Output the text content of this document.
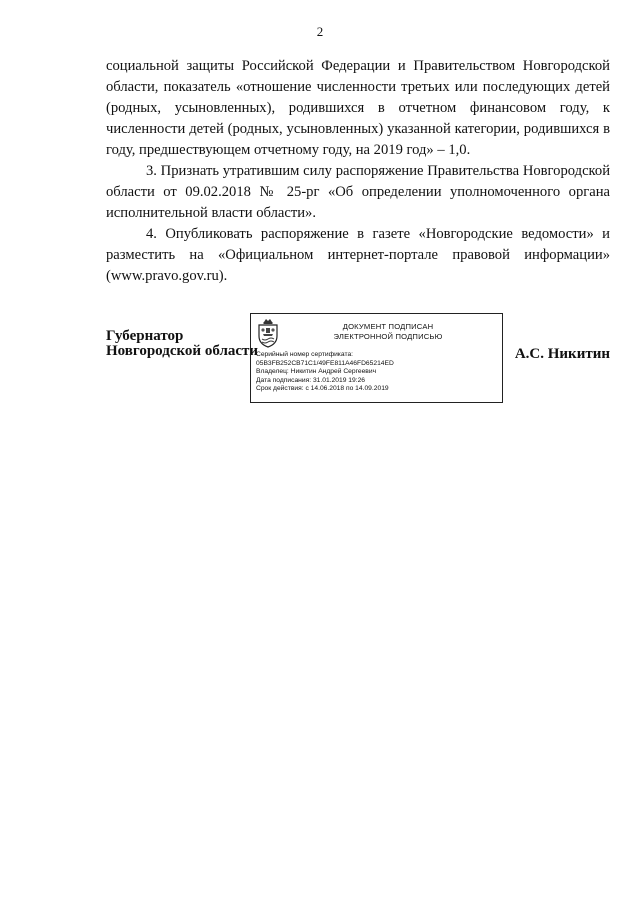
2

социальной защиты Российской Федерации и Правительством Новгородской области, показатель «отношение численности третьих или последующих детей (родных, усыновленных), родившихся в отчетном финансовом году, к численности детей (родных, усыновленных) указанной категории, родившихся в году, предшествующем отчетному году, на 2019 год» – 1,0.

3. Признать утратившим силу распоряжение Правительства Новгородской области от 09.02.2018 № 25-рг «Об определении уполномоченного органа исполнительной власти области».

4. Опубликовать распоряжение в газете «Новгородские ведомости» и разместить на «Официальном интернет-портале правовой информации» (www.pravo.gov.ru).

Губернатор
Новгородской области
ДОКУМЕНТ ПОДПИСАН
ЭЛЕКТРОННОЙ ПОДПИСЬЮ
Серийный номер сертификата:
05B3FB252CB71C1/49FE811A46FD65214ED
Владелец: Никитин Андрей Сергеевич
Дата подписания: 31.01.2019 19:26
Срок действия: с 14.06.2018 по 14.09.2019
А.С. Никитин
